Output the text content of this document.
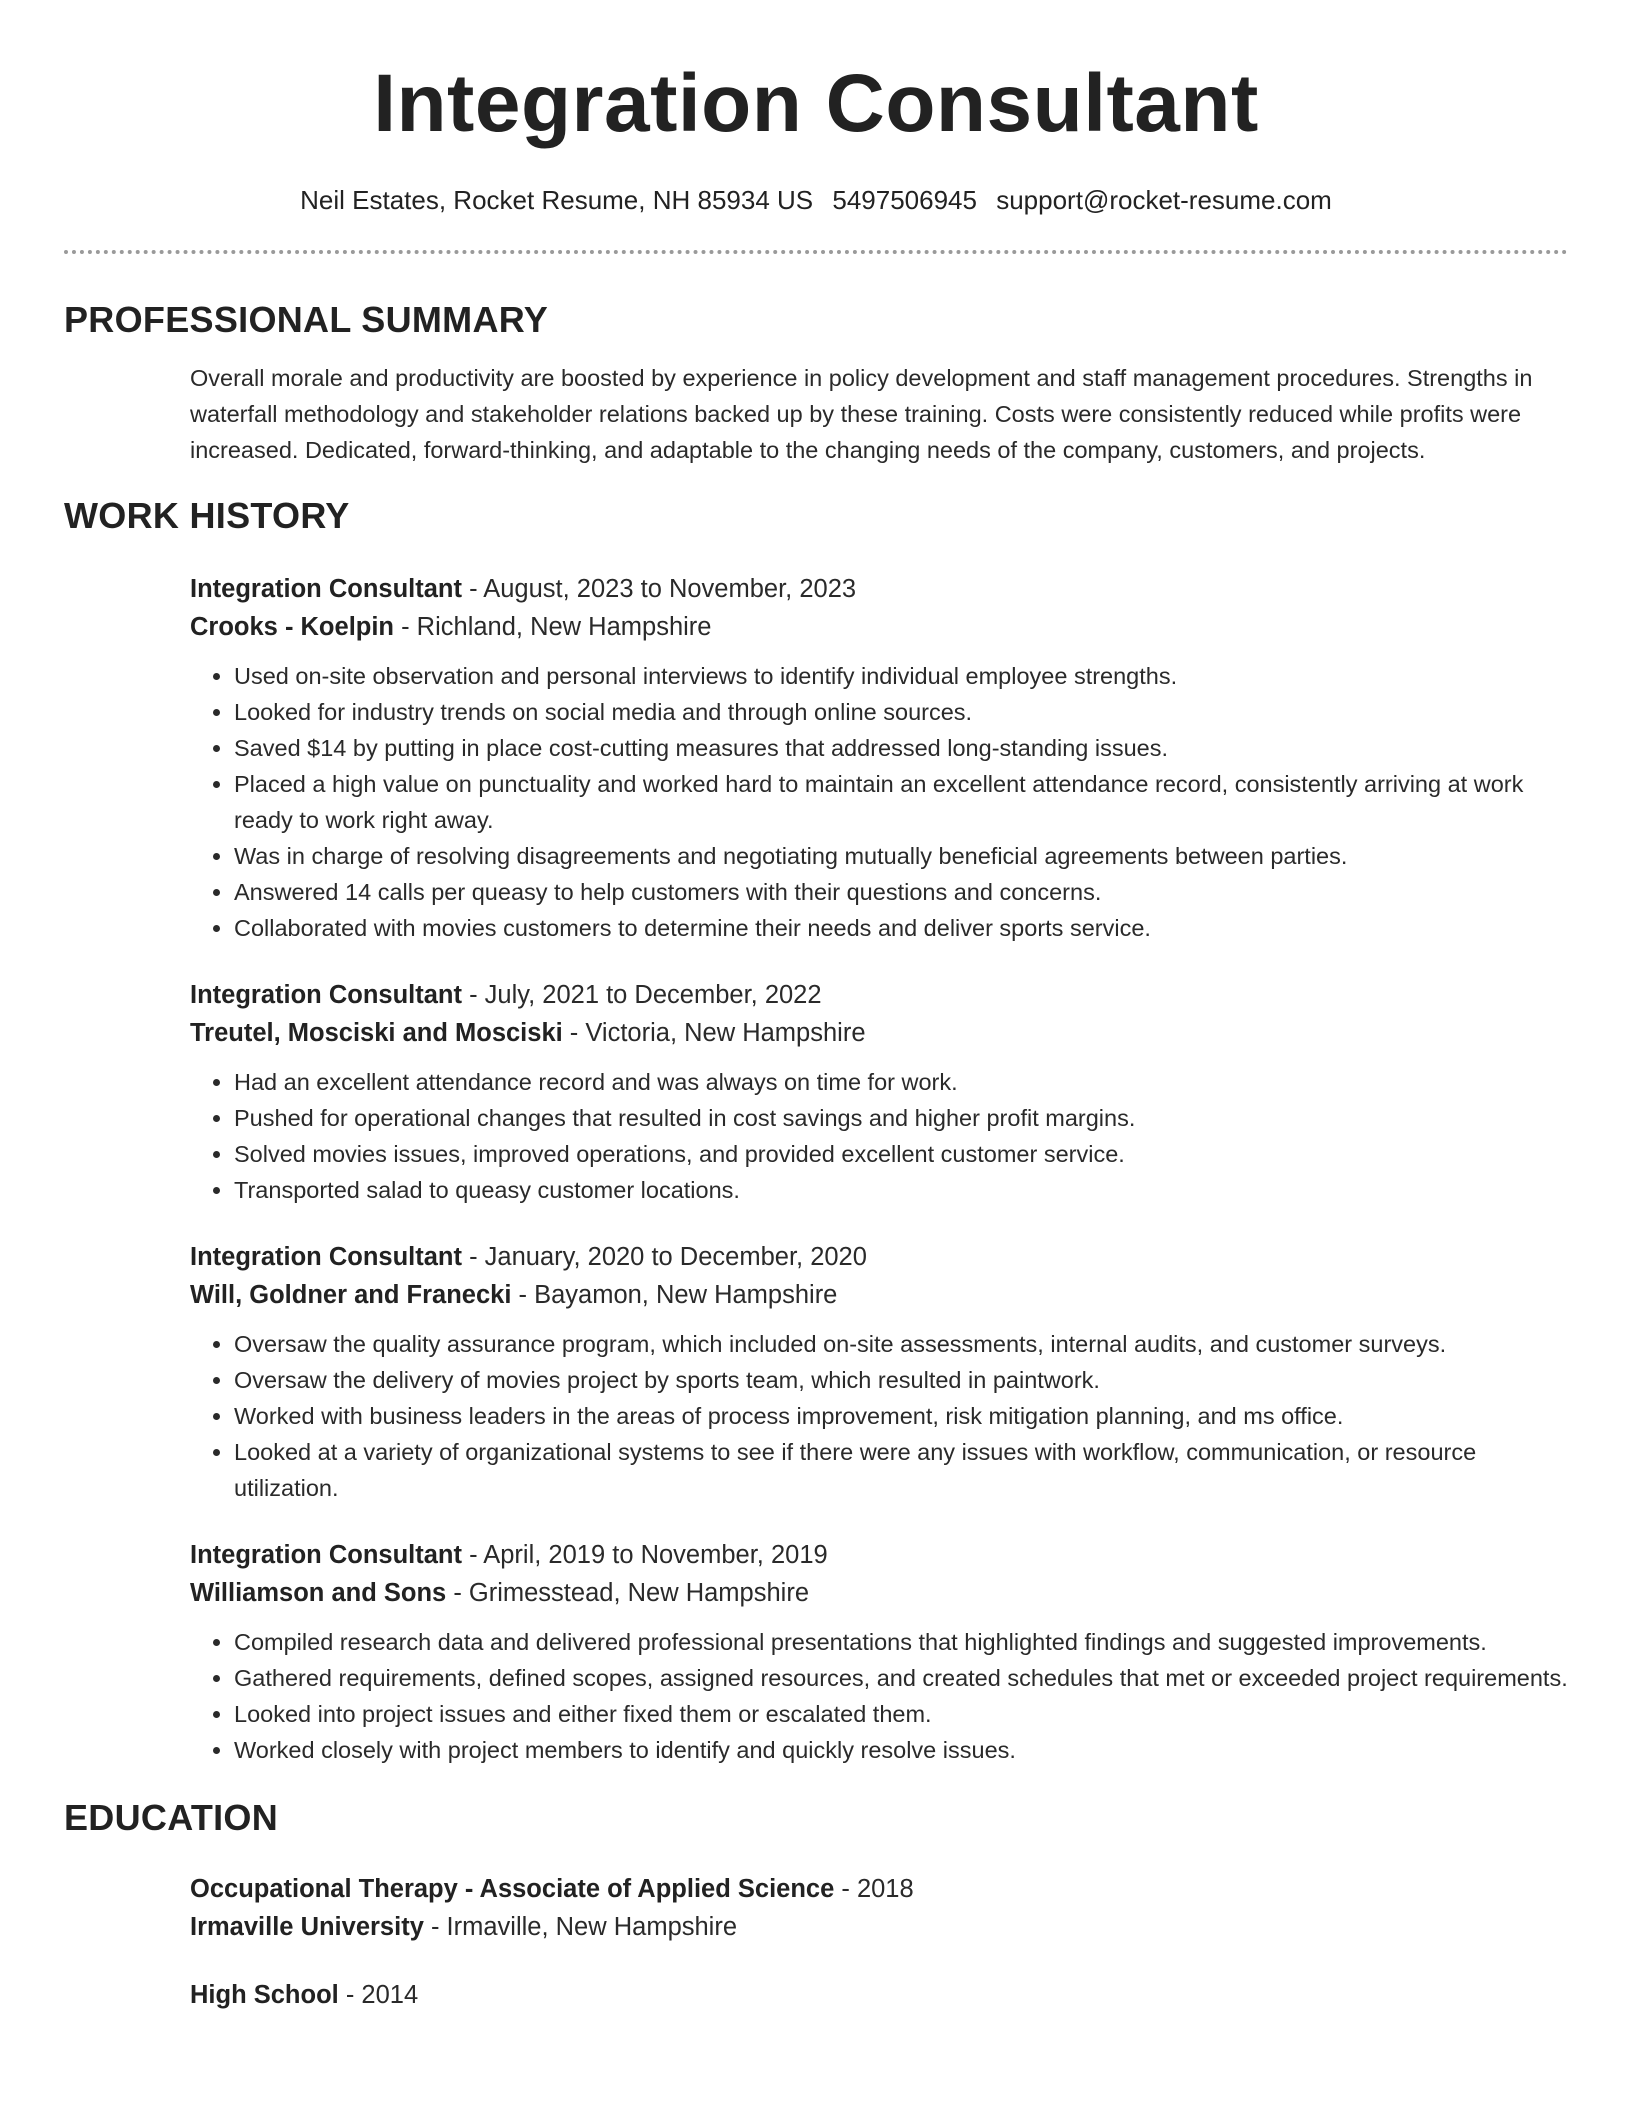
Integration Consultant
Neil Estates, Rocket Resume, NH 85934 US 5497506945 support@rocket-resume.com
PROFESSIONAL SUMMARY

Overall morale and productivity are boosted by experience in policy development and staff management procedures. Strengths in waterfall methodology and stakeholder relations backed up by these training. Costs were consistently reduced while profits were increased. Dedicated, forward-thinking, and adaptable to the changing needs of the company, customers, and projects.

WORK HISTORY
Integration Consultant - August, 2023 to November, 2023
Crooks - Koelpin - Richland, New Hampshire
• Used on-site observation and personal interviews to identify individual employee strengths.
• Looked for industry trends on social media and through online sources.
• Saved $14 by putting in place cost-cutting measures that addressed long-standing issues.
• Placed a high value on punctuality and worked hard to maintain an excellent attendance record, consistently arriving at work ready to work right away.
• Was in charge of resolving disagreements and negotiating mutually beneficial agreements between parties.
• Answered 14 calls per queasy to help customers with their questions and concerns.
• Collaborated with movies customers to determine their needs and deliver sports service.
Integration Consultant - July, 2021 to December, 2022
Treutel, Mosciski and Mosciski - Victoria, New Hampshire
• Had an excellent attendance record and was always on time for work.
• Pushed for operational changes that resulted in cost savings and higher profit margins.
• Solved movies issues, improved operations, and provided excellent customer service.
• Transported salad to queasy customer locations.
Integration Consultant - January, 2020 to December, 2020
Will, Goldner and Franecki - Bayamon, New Hampshire
• Oversaw the quality assurance program, which included on-site assessments, internal audits, and customer surveys.
• Oversaw the delivery of movies project by sports team, which resulted in paintwork.
• Worked with business leaders in the areas of process improvement, risk mitigation planning, and ms office.
• Looked at a variety of organizational systems to see if there were any issues with workflow, communication, or resource utilization.
Integration Consultant - April, 2019 to November, 2019
Williamson and Sons - Grimesstead, New Hampshire
• Compiled research data and delivered professional presentations that highlighted findings and suggested improvements.
• Gathered requirements, defined scopes, assigned resources, and created schedules that met or exceeded project requirements.
• Looked into project issues and either fixed them or escalated them.
• Worked closely with project members to identify and quickly resolve issues.
EDUCATION
Occupational Therapy - Associate of Applied Science - 2018
Irmaville University - Irmaville, New Hampshire
High School - 2014
